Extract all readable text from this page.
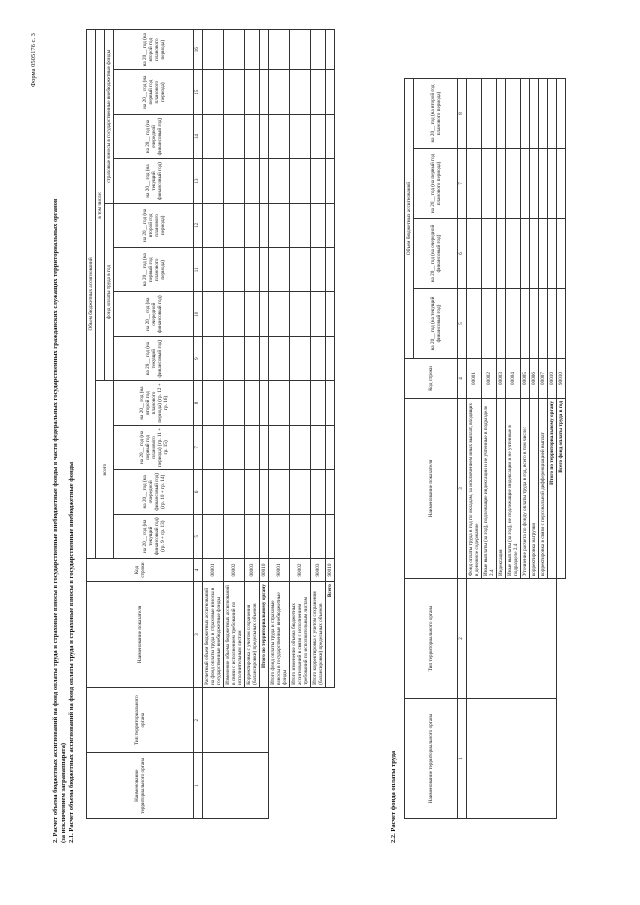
Форма 0505176 с. 3
2. Расчет объема бюджетных ассигнований на фонд оплаты труда и страховые взносы в государственные внебюджетные фонды в части федеральных государственных гражданских служащих территориальных органов (за исключением загранаппарата) 2.1. Расчет объема бюджетных ассигнований на фонд оплаты труда и страховые взносы в государственные внебюджетные фонды	Наименование территориального органа	Тип территориального органа	Наименование показателя	Код строки	Объем бюджетных ассигнований											
				всего				в том числе:							
								фонд оплаты труда в год				страховые взносы в государственные внебюджетные фонды			
				на 20__ год (на текущий финансовый год) (гр. 9 + гр. 13)	на 20__ год (на очередной финансовый год) (гр. 10 + гр. 14)	на 20__ год (на первый год планового периода) (гр. 11 + гр. 15)	на 20__ год (на второй год планового периода) (гр. 12 + гр. 16)	на 20__ год (на текущий финансовый год)	на 20__ год (на очередной финансовый год)	на 20__ год (на первый год планового периода)	на 20__ год (на второй год планового периода)	на 20__ год (на текущий финансовый год)	на 20__ год (на очередной финансовый год)	на 20__ год (на первый год планового периода)	на 20__ год (на второй год планового периода)
1	2	3	4	5	6	7	8	9	10	11	12	13	14	15	16
		Расчетный объем бюджетных ассигнований на фонд оплаты труда и страховые взносы в государственные внебюджетные фонды	00001												
		Изменение объема бюджетных ассигнований в связи с исполнением требований по исполнительным листам	00002												
		Корректировка с учетом сохранения (балансировки) предельных объемов	00003												
		Итого по территориальному органу	00010												
		Итого фонд оплаты труда и страховые взносы в государственные внебюджетные фонды	90001												
		Итого изменение объема бюджетных ассигнований в связи с исполнением требований по исполнительным листам	90002												
		Итого корректировка с учетом сохранения (балансировки) предельных объемов	90003												
		Всего	90010												
2.2. Расчет фонда оплаты труда	Наименование территориального органа	Тип территориального органа	Наименование показателя	Код строки	Объем бюджетных ассигнований			
				на 20__ год (на текущий финансовый год)	на 20__ год (на очередной финансовый год)	на 20__ год (на первый год планового периода)	на 20__ год (на второй год планового периода)
1	2	3	4	5	6	7	8
		Фонд оплаты труда в год по окладам, за исключением иных выплат, входящих в денежное содержание	00001				
		Иные выплаты (за год), подлежащие индексации и не учтенные в подразделе 2.4	00002				
		Индексация	00003				
		Иные выплаты (за год), не подлежащие индексации и не учтенные в подразделе 2.4	00004				
		Уточнение расчета по фонду оплаты труда в год, всего в том числе:	00005				
		корректировка нагрузки	00006				
		корректировка в связи с персональной дифференциацией выплат	00007				
		Итого по территориальному органу	00010				
		Всего фонд оплаты труда в год	90010				
